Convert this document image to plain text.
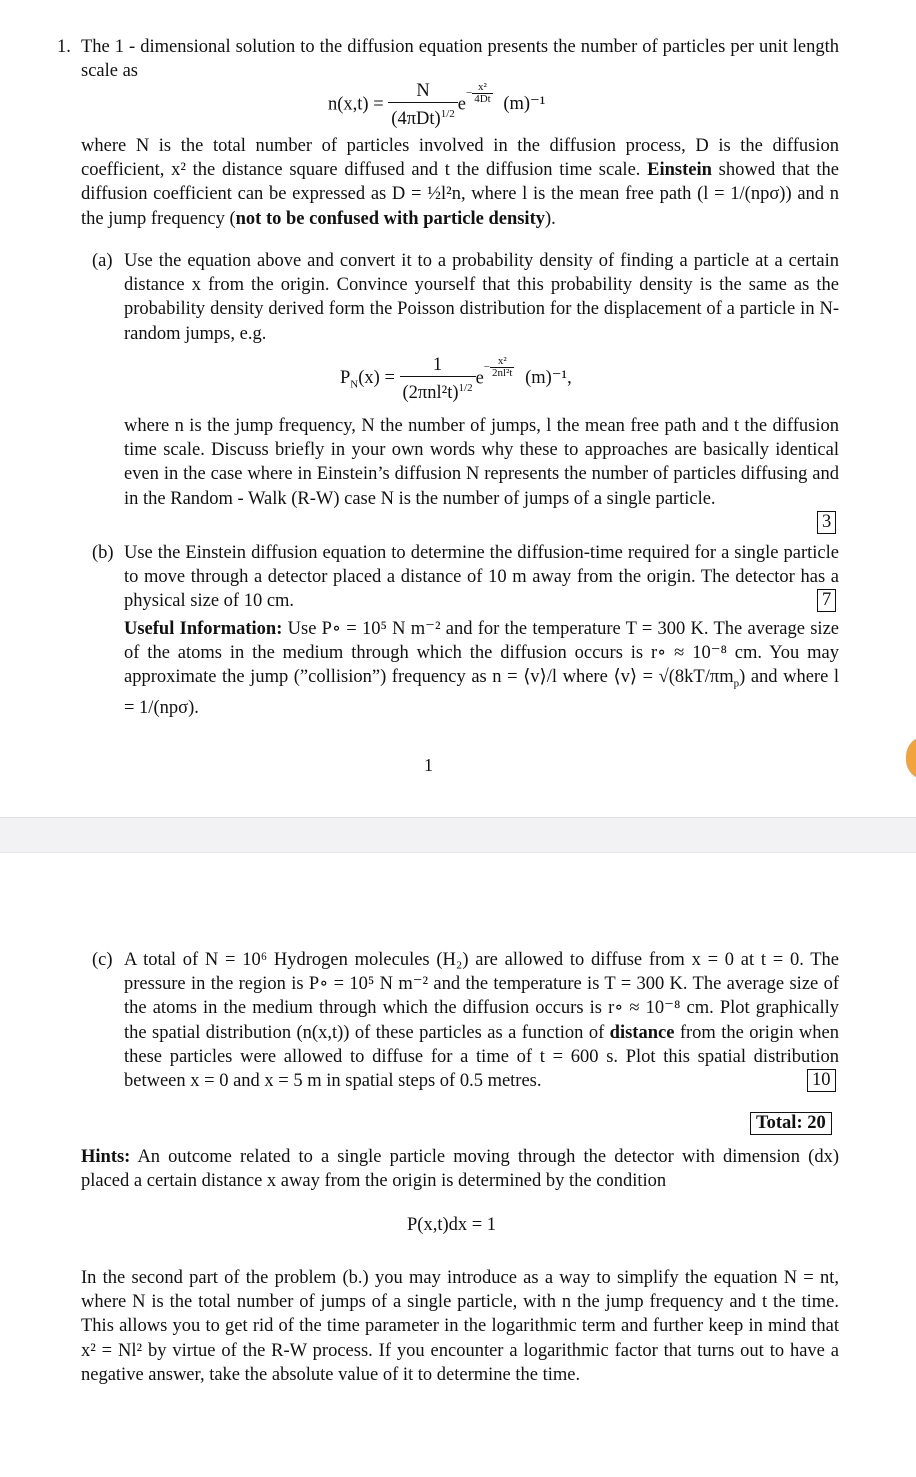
1. The 1 - dimensional solution to the diffusion equation presents the number of particles per unit length scale as

$n(x,t) = \frac{N}{(4\pi Dt)^{1/2}} e- \frac{\text{x²}}{4Dt} (m)^{-1}$

where N is the total number of particles involved in the diffusion process, D is the diffusion coefficient, x² the distance square diffused and t the diffusion time scale. Einstein showed that the diffusion coefficient can be expressed as D = ½l²n, where l is the mean free path (l = 1/(npσ)) and n the jump frequency (not to be confused with particle density).

(a) Use the equation above and convert it to a probability density of finding a particle at a certain distance x from the origin. Convince yourself that this probability density is the same as the probability density derived form the Poisson distribution for the displacement of a particle in N-random jumps, e.g.

$P_N(x) = \frac{1}{(2\pi nl^2t)^{1/2}} e- \frac{\text{x²}}{\text{2nl²t}} (m)^{-1}$,

where n is the jump frequency, N the number of jumps, l the mean free path and t the diffusion time scale. Discuss briefly in your own words why these to approaches are basically identical even in the case where in Einstein’s diffusion N represents the number of particles diffusing and in the Random - Walk (R-W) case N is the number of jumps of a single particle.

3
(b) Use the Einstein diffusion equation to determine the diffusion-time required for a single particle to move through a detector placed a distance of 10 m away from the origin. The detector has a physical size of 10 cm.	7

Useful Information: Use P∘ = 10⁵ N m⁻² and for the temperature T = 300 K. The average size of the atoms in the medium through which the diffusion occurs is r∘ ≈ 10⁻⁸ cm. You may approximate the jump (”collision”) frequency as n = ⟨v⟩/l where ⟨v⟩ = $√(8kT/\pi m_p)$ and where l = 1/(npσ).

1
(c) A total of N = 10⁶ Hydrogen molecules (H₂) are allowed to diffuse from x = 0 at t = 0. The pressure in the region is P∘ = 10⁵ N m⁻² and the temperature is T = 300 K. The average size of the atoms in the medium through which the diffusion occurs is r∘ ≈ 10⁻⁸ cm. Plot graphically the spatial distribution (n(x,t)) of these particles as a function of distance from the origin when these particles were allowed to diffuse for a time of t = 600 s. Plot this spatial distribution between x = 0 and x = 5 m in spatial steps of 0.5 metres.	10
Total: 20

Hints: An outcome related to a single particle moving through the detector with dimension (dx) placed a certain distance x away from the origin is determined by the condition

P(x,t)dx = 1

In the second part of the problem (b.) you may introduce as a way to simplify the equation N = nt, where N is the total number of jumps of a single particle, with n the jump frequency and t the time. This allows you to get rid of the time parameter in the logarithmic term and further keep in mind that x² = Nl² by virtue of the R-W process. If you encounter a logarithmic factor that turns out to have a negative answer, take the absolute value of it to determine the time.
